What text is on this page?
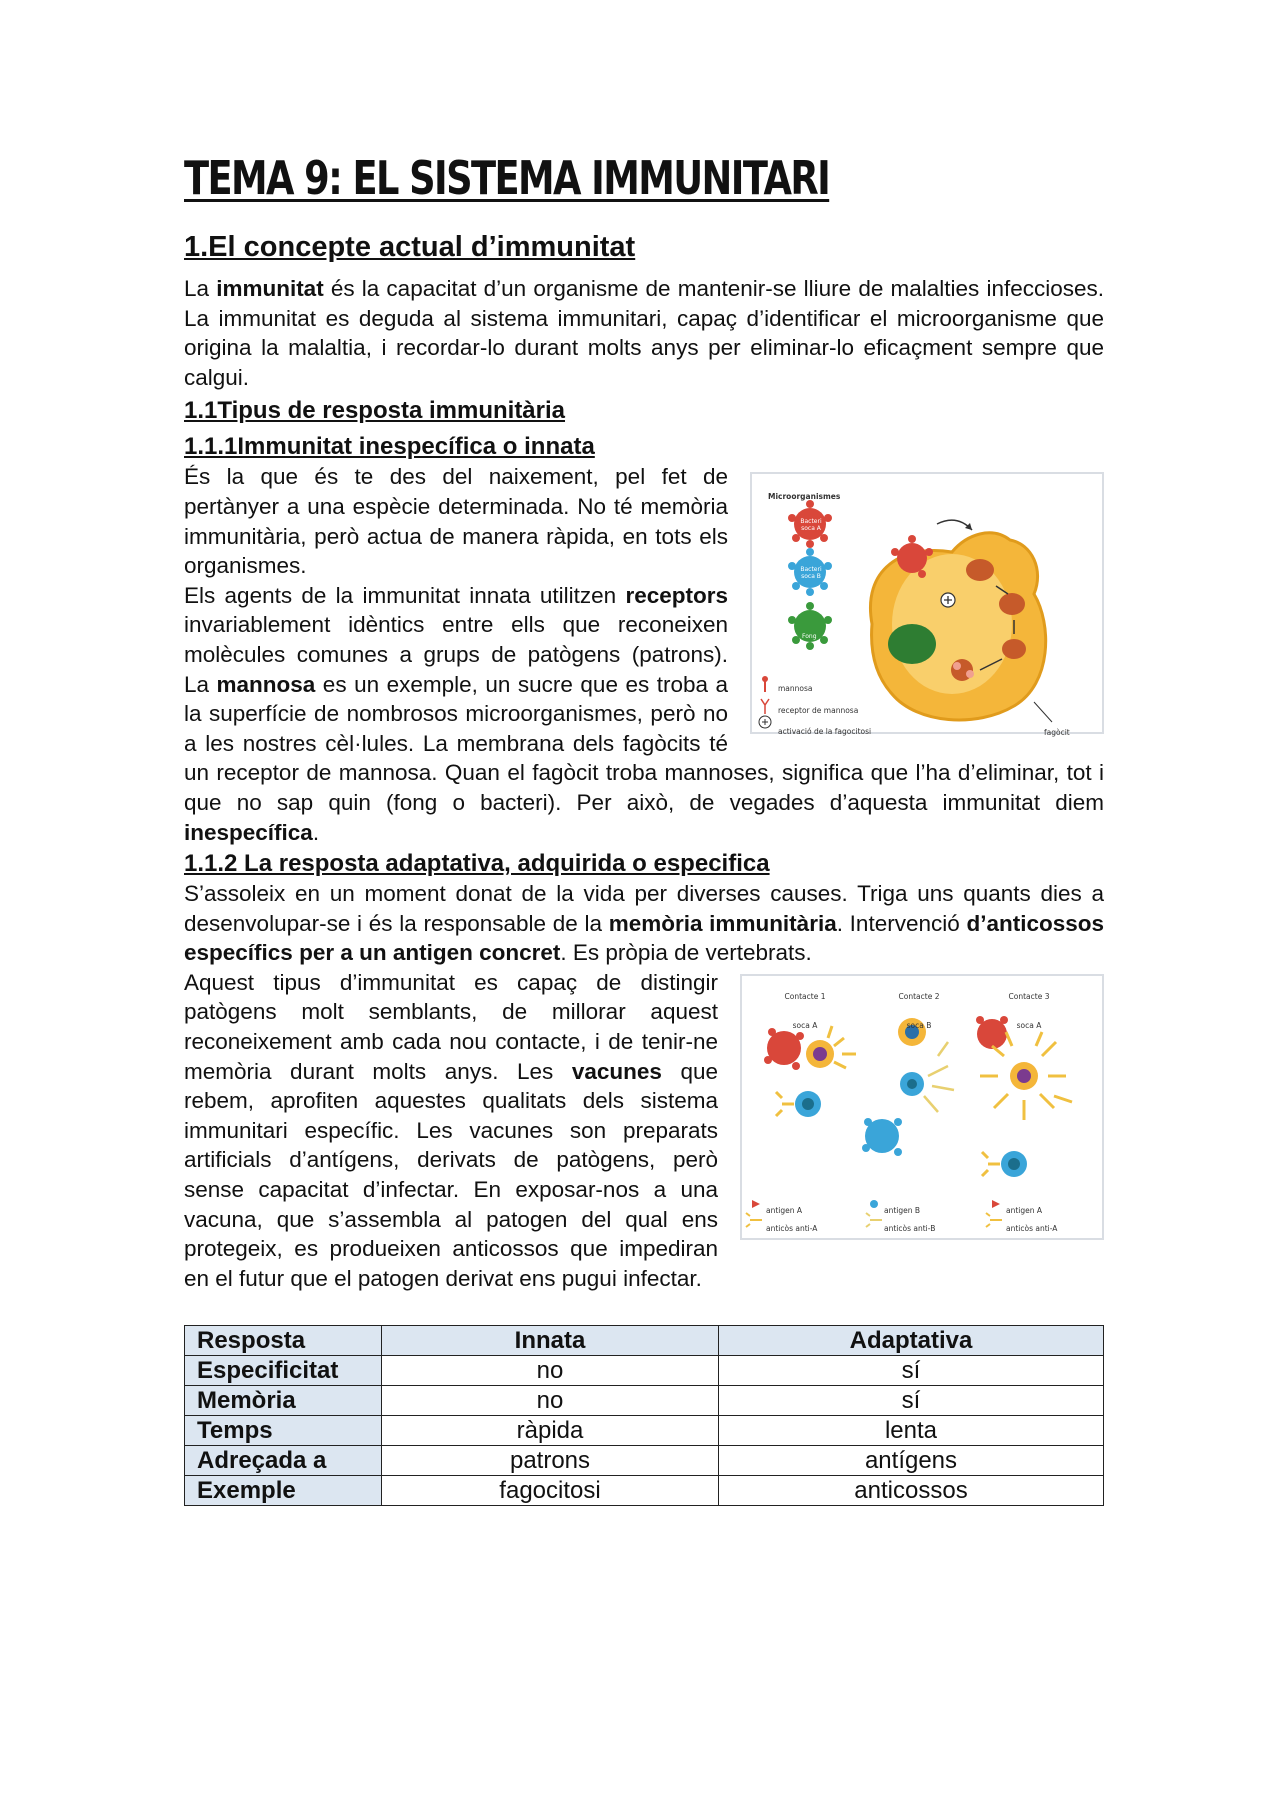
TEMA 9: EL SISTEMA IMMUNITARI
1.El concepte actual d’immunitat

La immunitat és la capacitat d’un organisme de mantenir-se lliure de malalties infeccioses. La immunitat es deguda al sistema immunitari, capaç d’identificar el microorganisme que origina la malaltia, i recordar-lo durant molts anys per eliminar-lo eficaçment sempre que calgui.

1.1Tipus de resposta immunitària
1.1.1Immunitat inespecífica o innata

Microorganismes
mannosa
receptor de mannosa
activació de la fagocitosi	fagòcit
Bacteri soca A
Bacteri soca B
Fong
És la que és te des del naixement, pel fet de pertànyer a una espècie determinada. No té memòria immunitària, però actua de manera ràpida, en tots els organismes.

Els agents de la immunitat innata utilitzen receptors invariablement idèntics entre ells que reconeixen molècules comunes a grups de patògens (patrons). La mannosa es un exemple, un sucre que es troba a la superfície de nombrosos microorganismes, però no a les nostres cèl·lules. La membrana dels fagòcits té un receptor de mannosa. Quan el fagòcit troba mannoses, significa que l’ha d’eliminar, tot i que no sap quin (fong o bacteri). Per això, de vegades d’aquesta immunitat diem inespecífica.

1.1.2 La resposta adaptativa, adquirida o especifica

S’assoleix en un moment donat de la vida per diverses causes. Triga uns quants dies a desenvolupar-se i és la responsable de la memòria immunitària. Intervenció d’anticossos específics per a un antigen concret. Es pròpia de vertebrats.

Contacte 1 soca A
Contacte 2 soca B
Contacte 3 soca A
antigen A
anticòs anti-A
antigen B
anticòs anti-B
antigen A
anticòs anti-A
Aquest tipus d’immunitat es capaç de distingir patògens molt semblants, de millorar aquest reconeixement amb cada nou contacte, i de tenir-ne memòria durant molts anys. Les vacunes que rebem, aprofiten aquestes qualitats dels sistema immunitari específic. Les vacunes son preparats artificials d’antígens, derivats de patògens, però sense capacitat d’infectar. En exposar-nos a una vacuna, que s’assembla al patogen del qual ens protegeix, es produeixen anticossos que impediran en el futur que el patogen derivat ens pugui infectar.

Resposta	Innata	Adaptativa
Especificitat	no	sí
Memòria	no	sí
Temps	ràpida	lenta
Adreçada a	patrons	antígens
Exemple	fagocitosi	anticossos
